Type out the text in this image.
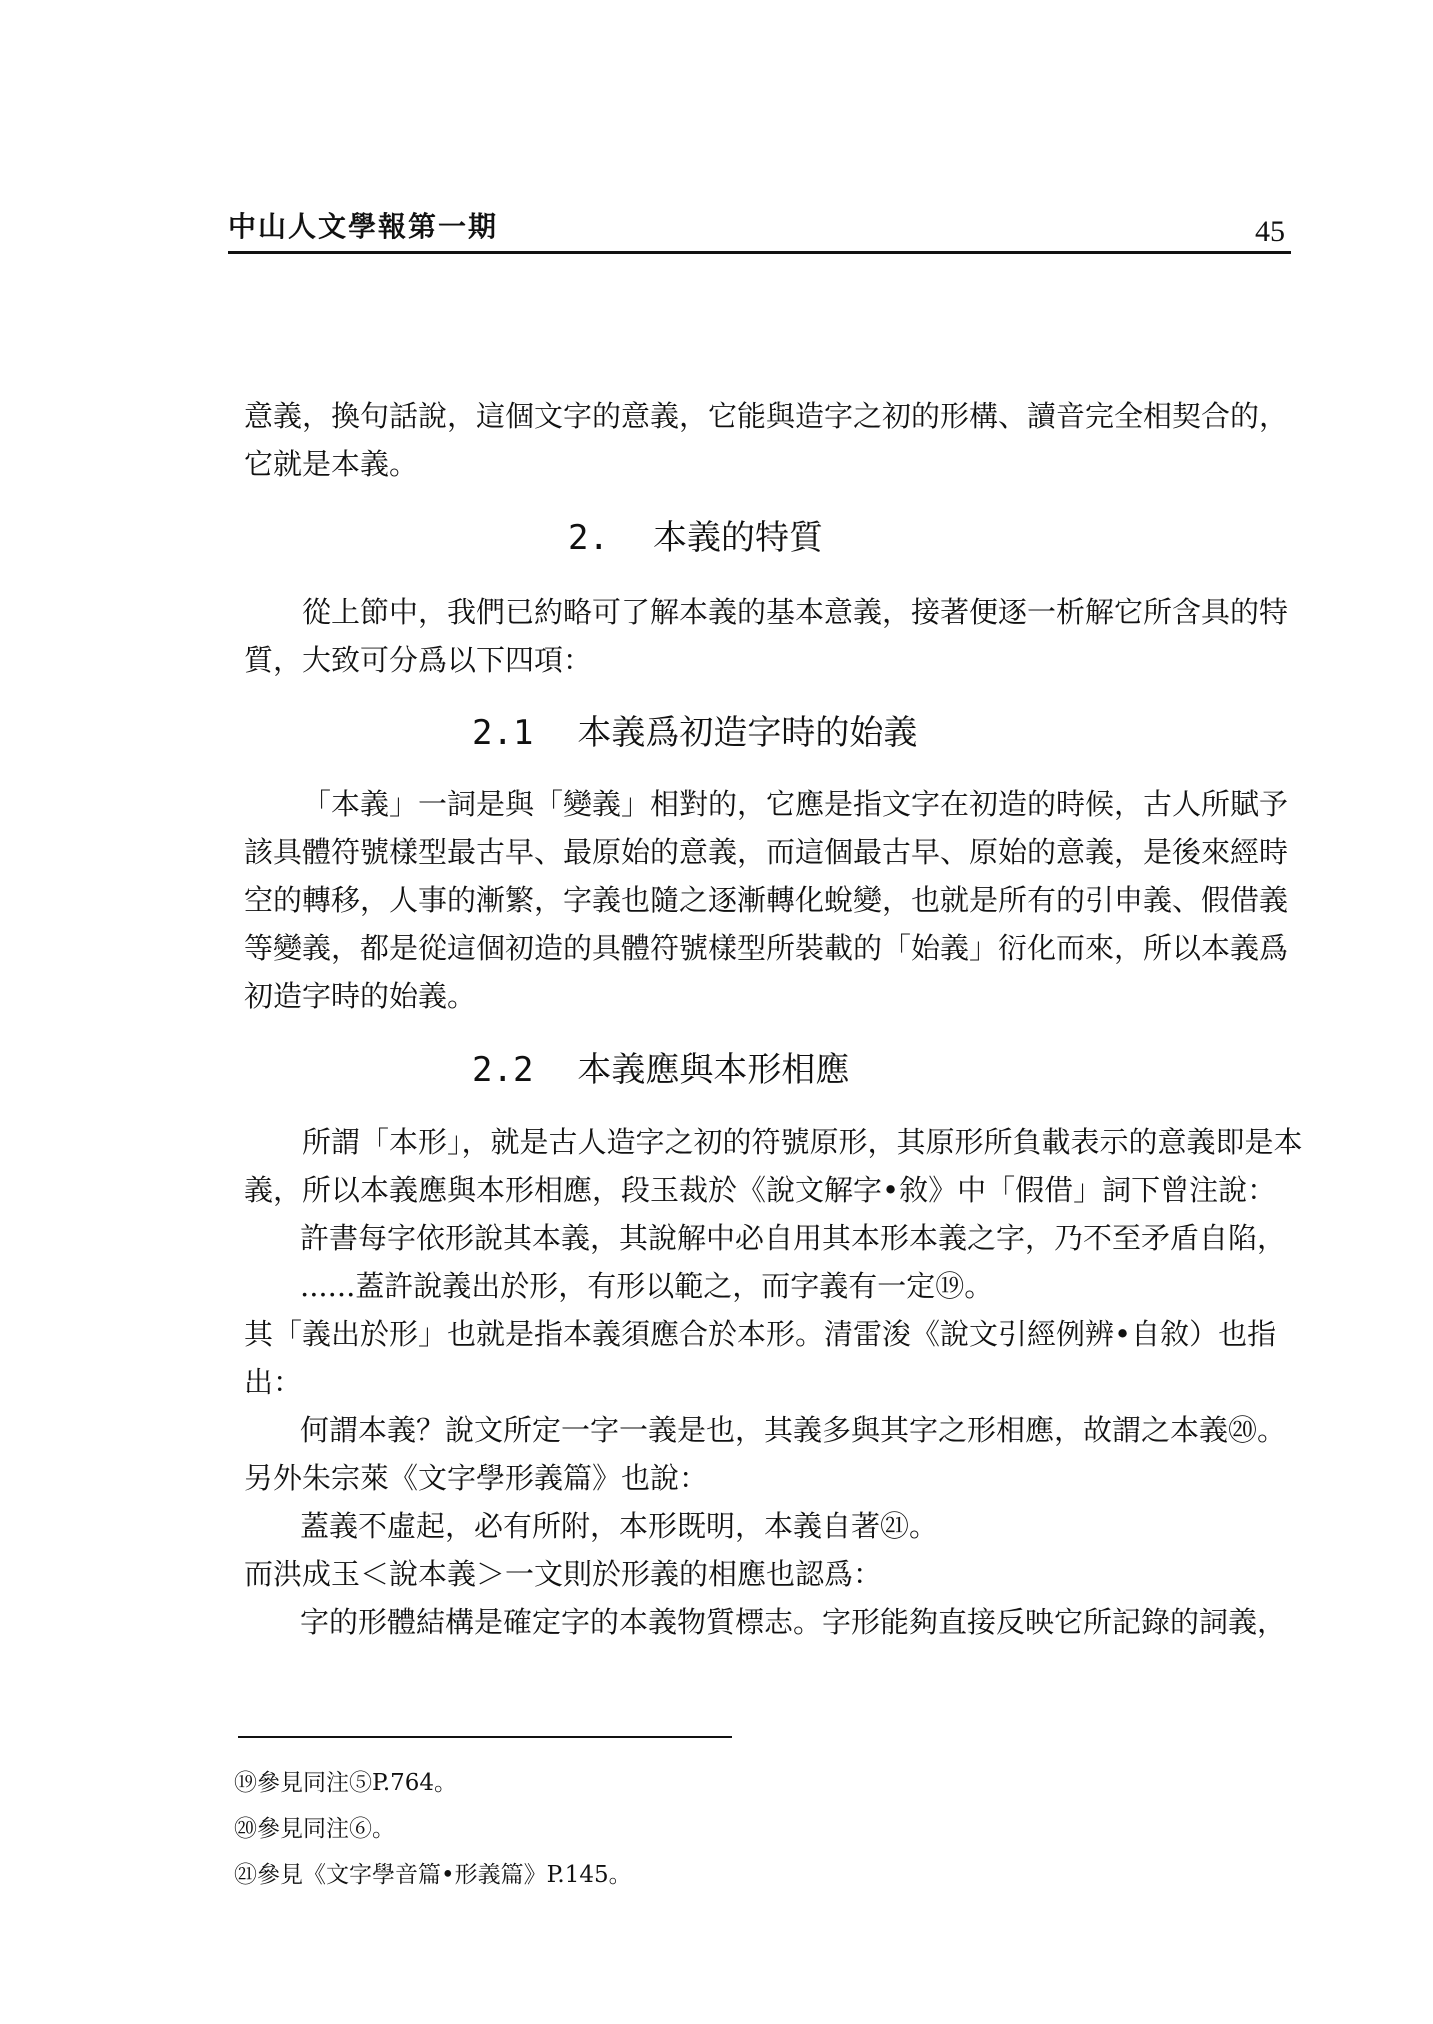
中山人文學報第一期	45

意義，換句話說，這個文字的意義，它能與造字之初的形構、讀音完全相契合的，它就是本義。

2. 本義的特質

從上節中，我們已約略可了解本義的基本意義，接著便逐一析解它所含具的特質，大致可分爲以下四項：

2.1 本義爲初造字時的始義

「本義」一詞是與「變義」相對的，它應是指文字在初造的時候，古人所賦予該具體符號樣型最古早、最原始的意義，而這個最古早、原始的意義，是後來經時空的轉移，人事的漸繁，字義也隨之逐漸轉化蛻變，也就是所有的引申義、假借義等變義，都是從這個初造的具體符號樣型所裝載的「始義」衍化而來，所以本義爲初造字時的始義。

2.2 本義應與本形相應

所謂「本形」，就是古人造字之初的符號原形，其原形所負載表示的意義即是本義，所以本義應與本形相應，段玉裁於《說文解字•敘》中「假借」詞下曾注說：

許書每字依形說其本義，其說解中必自用其本形本義之字，乃不至矛盾自陷，

......蓋許說義出於形，有形以範之，而字義有一定⑲。

其「義出於形」也就是指本義須應合於本形。清雷浚《說文引經例辨•自敘）也指出：

何謂本義？說文所定一字一義是也，其義多與其字之形相應，故謂之本義⑳。

另外朱宗萊《文字學形義篇》也說：

蓋義不虛起，必有所附，本形既明，本義自著㉑。

而洪成玉＜說本義＞一文則於形義的相應也認爲：

字的形體結構是確定字的本義物質標志。字形能夠直接反映它所記錄的詞義，

⑲參見同注⑤P.764。
⑳參見同注⑥。
㉑參見《文字學音篇•形義篇》P.145。
